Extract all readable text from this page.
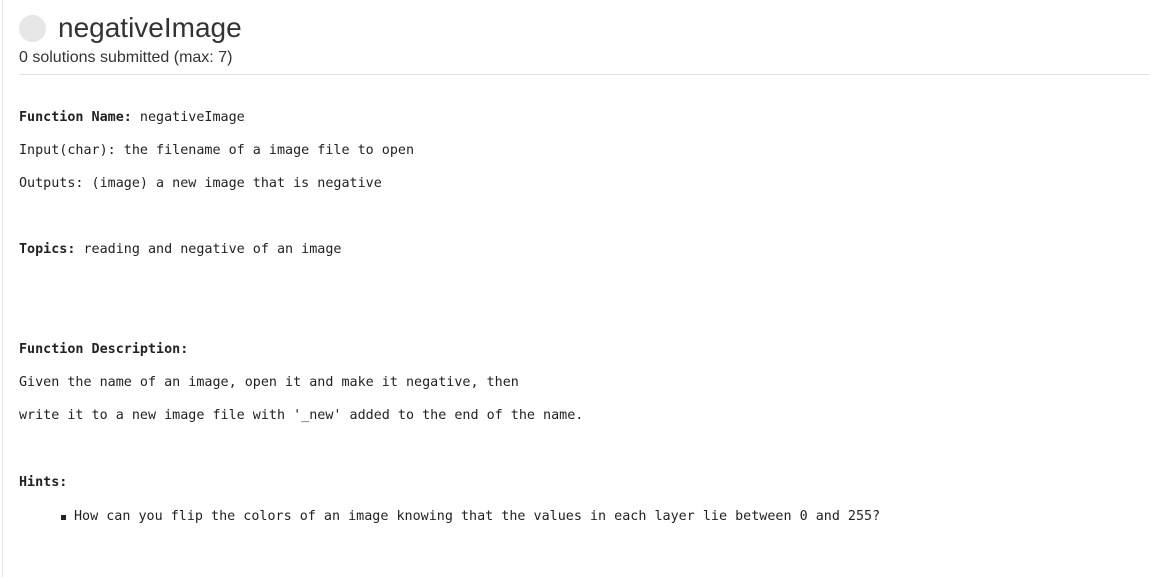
negativeImage
0 solutions submitted (max: 7)
Function Name: negativeImage
Input(char): the filename of a image file to open
Outputs: (image) a new image that is negative
Topics: reading and negative of an image
Function Description:
Given the name of an image, open it and make it negative, then
write it to a new image file with '_new' added to the end of the name.
Hints:
How can you flip the colors of an image knowing that the values in each layer lie between 0 and 255?
